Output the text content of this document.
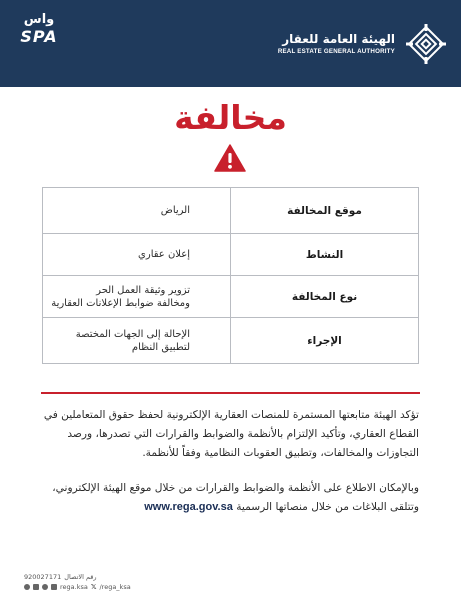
واس
SPA	الهيئة العامة للعقار
REAL ESTATE GENERAL AUTHORITY
مخالفة
موقع المخالفة	الرياض
النشاط	إعلان عقاري
نوع المخالفة	تزوير وثيقة العمل الحر
ومخالفة ضوابط الإعلانات العقارية

الإجراء	الإحالة إلى الجهات المختصة
لتطبيق النظام

تؤكد الهيئة متابعتها المستمرة للمنصات العقارية الإلكترونية لحفظ حقوق المتعاملين في القطاع العقاري، وتأكيد الإلتزام بالأنظمة والضوابط والقرارات التي تصدرها، ورصد التجاوزات والمخالفات، وتطبيق العقوبات النظامية وفقاً للأنظمة.

وبالإمكان الاطلاع على الأنظمة والضوابط والقرارات من خلال موقع الهيئة الإلكتروني، وتتلقى البلاغات من خلال منصاتها الرسمية www.rega.gov.sa

920027171 رقم الاتصال
rega.ksa 𝕏 /rega_ksa
